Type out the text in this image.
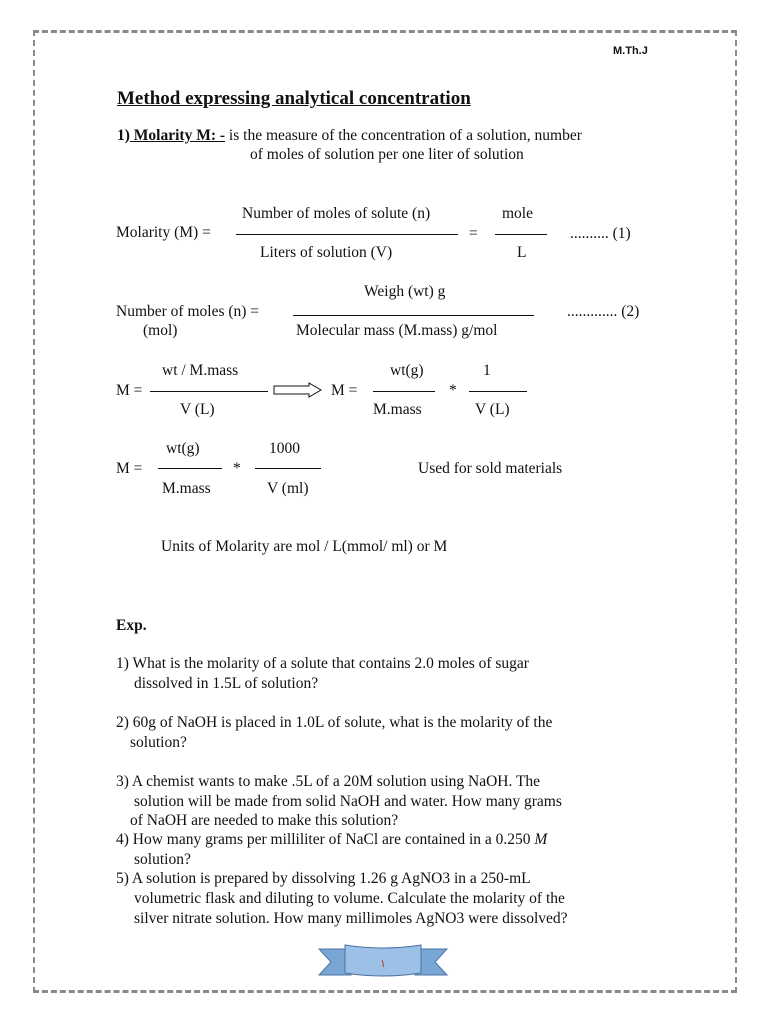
M.Th.J
Method expressing analytical concentration
1) Molarity M: - is the measure of the concentration of a solution, number
of moles of solution per one liter of solution
Molarity (M) =
Number of moles of solute (n)
Liters of solution (V)
=
mole
L
.......... (1)
Number of moles (n) =
(mol)
Weigh (wt) g
Molecular mass (M.mass) g/mol
............. (2)
M =
wt / M.mass
V (L)
M =
wt(g)
M.mass
*
1
V (L)
M =
wt(g)
M.mass
*
1000
V (ml)
Used for sold materials
Units of Molarity are mol / L(mmol/ ml) or M
Exp.
1) What is the molarity of a solute that contains 2.0 moles of sugar
dissolved in 1.5L of solution?
2) 60g of NaOH is placed in 1.0L of solute, what is the molarity of the
solution?
3) A chemist wants to make .5L of a 20M solution using NaOH. The
solution will be made from solid NaOH and water. How many grams
of NaOH are needed to make this solution?
4) How many grams per milliliter of NaCl are contained in a 0.250 M
solution?
5) A solution is prepared by dissolving 1.26 g AgNO3 in a 250-mL
volumetric flask and diluting to volume. Calculate the molarity of the
silver nitrate solution. How many millimoles AgNO3 were dissolved?
١
